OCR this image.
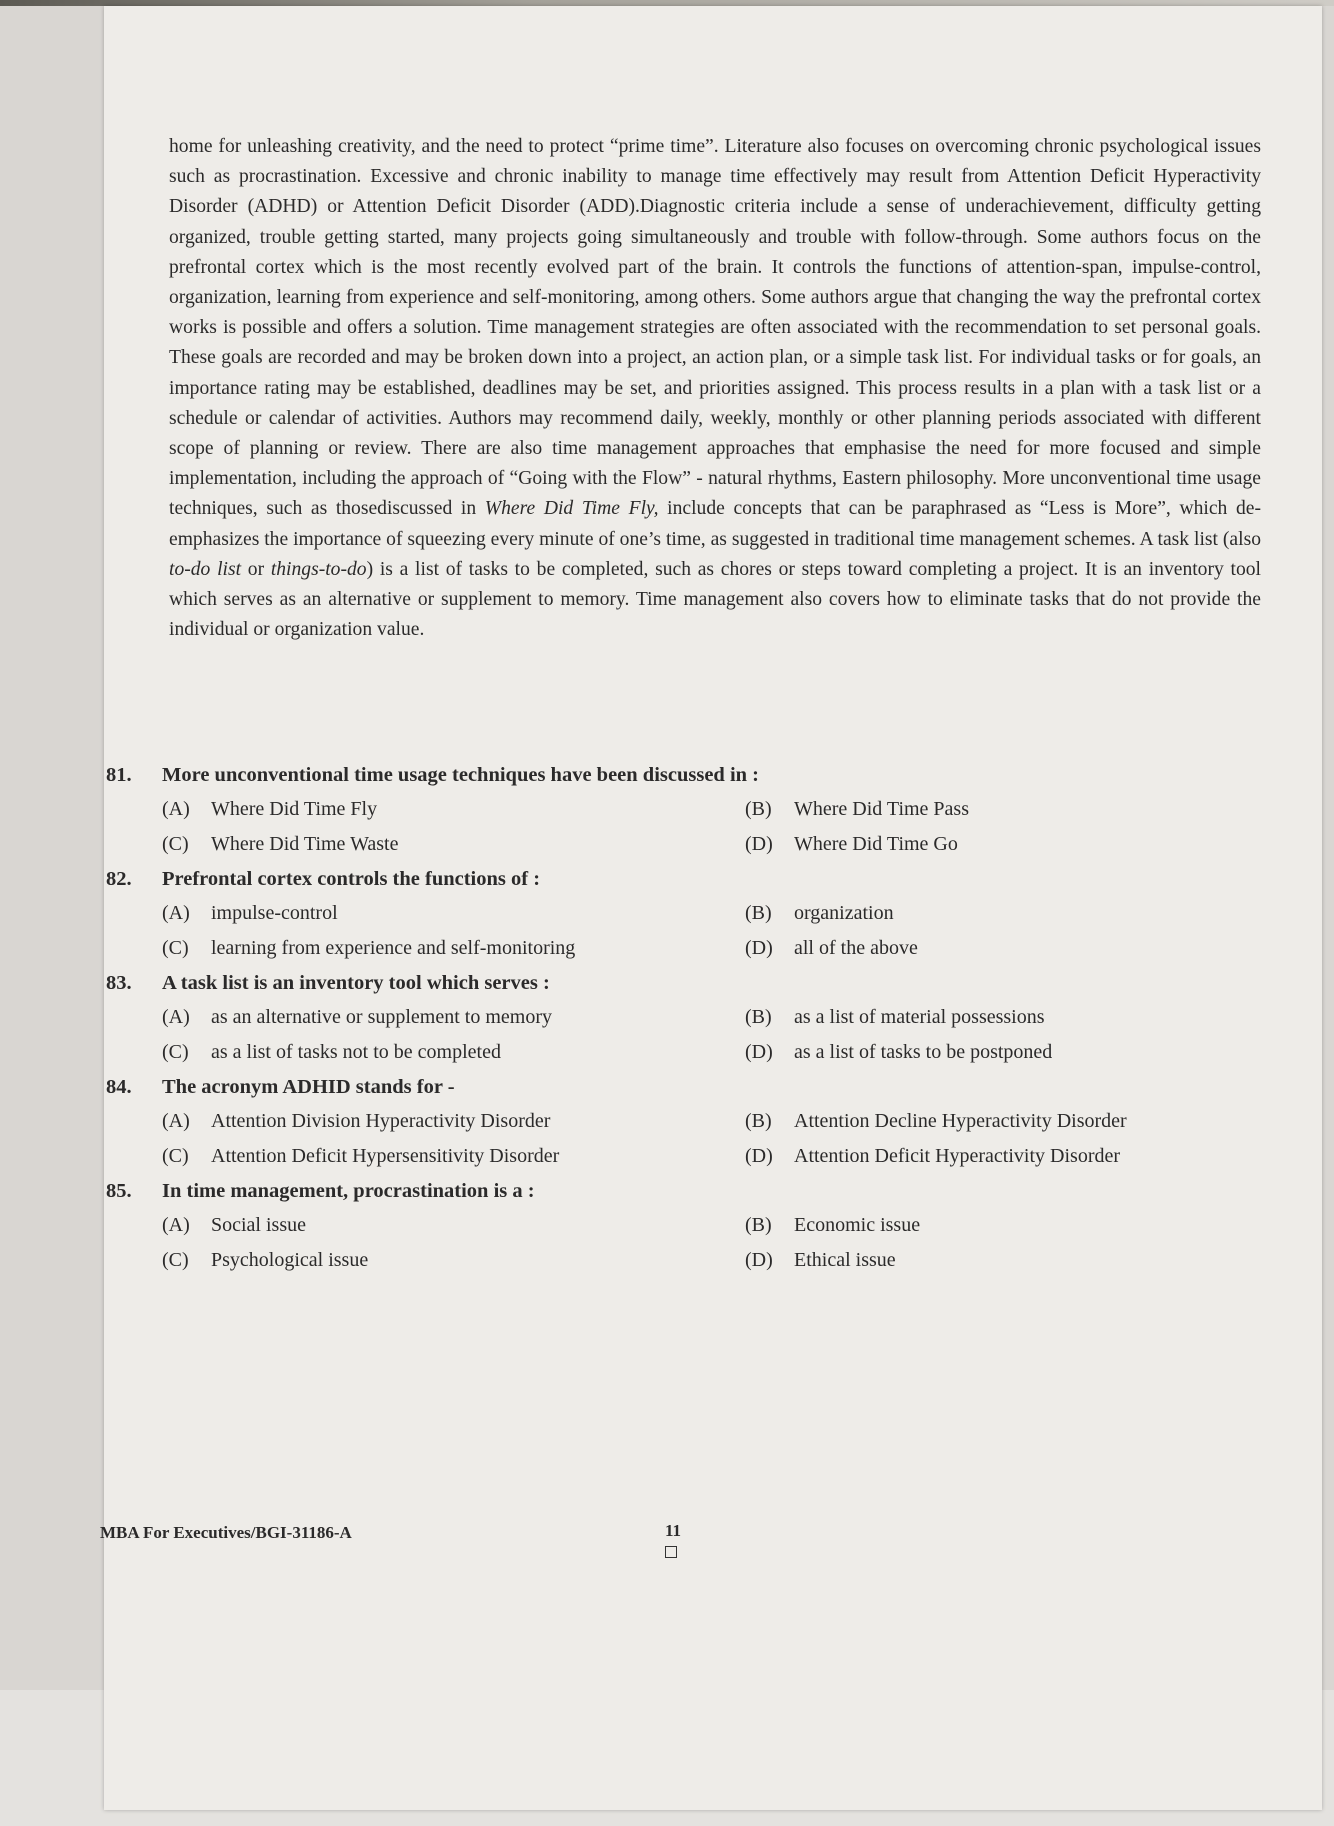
home for unleashing creativity, and the need to protect “prime time”. Literature also focuses on overcoming chronic psychological issues such as procrastination. Excessive and chronic inability to manage time effectively may result from Attention Deficit Hyperactivity Disorder (ADHD) or Attention Deficit Disorder (ADD).Diagnostic criteria include a sense of underachievement, difficulty getting organized, trouble getting started, many projects going simultaneously and trouble with follow-through. Some authors focus on the prefrontal cortex which is the most recently evolved part of the brain. It controls the functions of attention-span, impulse-control, organization, learning from experience and self-monitoring, among others. Some authors argue that changing the way the prefrontal cortex works is possible and offers a solution. Time management strategies are often associated with the recommendation to set personal goals. These goals are recorded and may be broken down into a project, an action plan, or a simple task list. For individual tasks or for goals, an importance rating may be established, deadlines may be set, and priorities assigned. This process results in a plan with a task list or a schedule or calendar of activities. Authors may recommend daily, weekly, monthly or other planning periods associated with different scope of planning or review. There are also time management approaches that emphasise the need for more focused and simple implementation, including the approach of “Going with the Flow” - natural rhythms, Eastern philosophy. More unconventional time usage techniques, such as thosediscussed in Where Did Time Fly, include concepts that can be paraphrased as “Less is More”, which de-emphasizes the importance of squeezing every minute of one’s time, as suggested in traditional time management schemes. A task list (also to-do list or things-to-do) is a list of tasks to be completed, such as chores or steps toward completing a project. It is an inventory tool which serves as an alternative or supplement to memory. Time management also covers how to eliminate tasks that do not provide the individual or organization value.

81.	More unconventional time usage techniques have been discussed in :
(A)	Where Did Time Fly	(B)	Where Did Time Pass
(C)	Where Did Time Waste	(D)	Where Did Time Go
82.	Prefrontal cortex controls the functions of :
(A)	impulse-control	(B)	organization
(C)	learning from experience and self-monitoring	(D)	all of the above
83.	A task list is an inventory tool which serves :
(A)	as an alternative or supplement to memory	(B)	as a list of material possessions
(C)	as a list of tasks not to be completed	(D)	as a list of tasks to be postponed
84.	The acronym ADHID stands for -
(A)	Attention Division Hyperactivity Disorder	(B)	Attention Decline Hyperactivity Disorder
(C)	Attention Deficit Hypersensitivity Disorder	(D)	Attention Deficit Hyperactivity Disorder
85.	In time management, procrastination is a :
(A)	Social issue	(B)	Economic issue
(C)	Psychological issue	(D)	Ethical issue
MBA For Executives/BGI-31186-A	11
